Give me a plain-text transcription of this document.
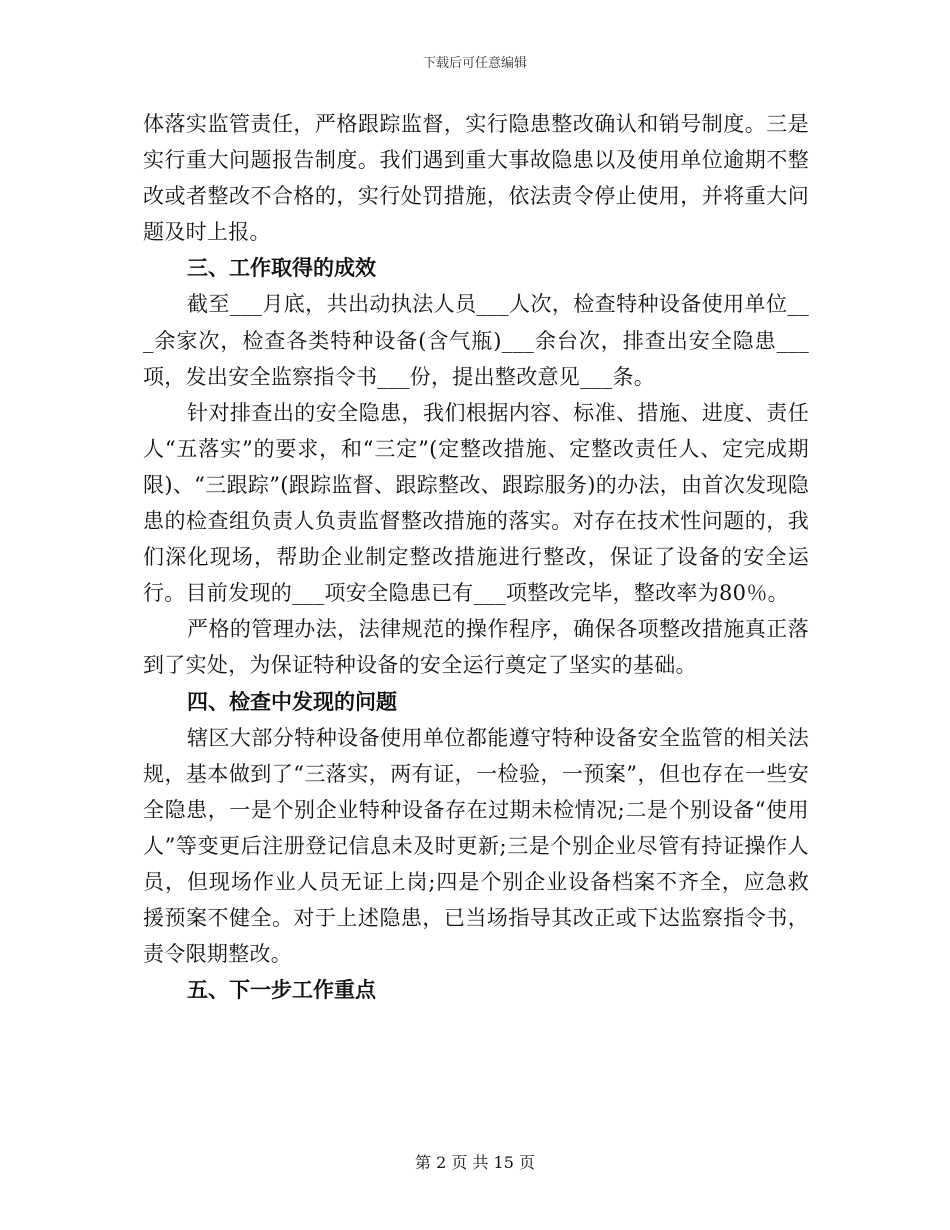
下载后可任意编辑

体落实监管责任，严格跟踪监督，实行隐患整改确认和销号制度。三是实行重大问题报告制度。我们遇到重大事故隐患以及使用单位逾期不整改或者整改不合格的，实行处罚措施，依法责令停止使用，并将重大问题及时上报。

三、工作取得的成效

截至___月底，共出动执法人员___人次，检查特种设备使用单位___余家次，检查各类特种设备(含气瓶)___余台次，排查出安全隐患___项，发出安全监察指令书___份，提出整改意见___条。

针对排查出的安全隐患，我们根据内容、标准、措施、进度、责任人“五落实”的要求，和“三定”(定整改措施、定整改责任人、定完成期限)、“三跟踪”(跟踪监督、跟踪整改、跟踪服务)的办法，由首次发现隐患的检查组负责人负责监督整改措施的落实。对存在技术性问题的，我们深化现场，帮助企业制定整改措施进行整改，保证了设备的安全运行。目前发现的___项安全隐患已有___项整改完毕，整改率为80％。

严格的管理办法，法律规范的操作程序，确保各项整改措施真正落到了实处，为保证特种设备的安全运行奠定了坚实的基础。

四、检查中发现的问题

辖区大部分特种设备使用单位都能遵守特种设备安全监管的相关法规，基本做到了“三落实，两有证，一检验，一预案”，但也存在一些安全隐患，一是个别企业特种设备存在过期未检情况;二是个别设备“使用人”等变更后注册登记信息未及时更新;三是个别企业尽管有持证操作人员，但现场作业人员无证上岗;四是个别企业设备档案不齐全，应急救援预案不健全。对于上述隐患，已当场指导其改正或下达监察指令书，责令限期整改。

五、下一步工作重点

第 2 页 共 15 页
